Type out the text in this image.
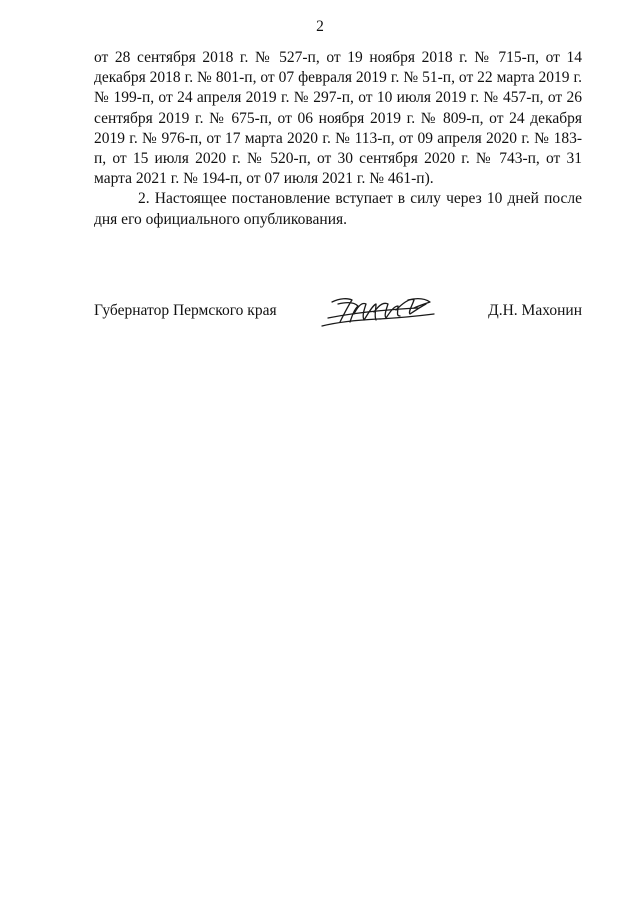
2

от 28 сентября 2018 г. № 527-п, от 19 ноября 2018 г. № 715-п, от 14 декабря 2018 г. № 801-п, от 07 февраля 2019 г. № 51-п, от 22 марта 2019 г. № 199-п, от 24 апреля 2019 г. № 297-п, от 10 июля 2019 г. № 457-п, от 26 сентября 2019 г. № 675-п, от 06 ноября 2019 г. № 809-п, от 24 декабря 2019 г. № 976-п, от 17 марта 2020 г. № 113-п, от 09 апреля 2020 г. № 183-п, от 15 июля 2020 г. № 520-п, от 30 сентября 2020 г. № 743-п, от 31 марта 2021 г. № 194-п, от 07 июля 2021 г. № 461-п).

2. Настоящее постановление вступает в силу через 10 дней после дня его официального опубликования.

Губернатор Пермского края	Д.Н. Махонин
